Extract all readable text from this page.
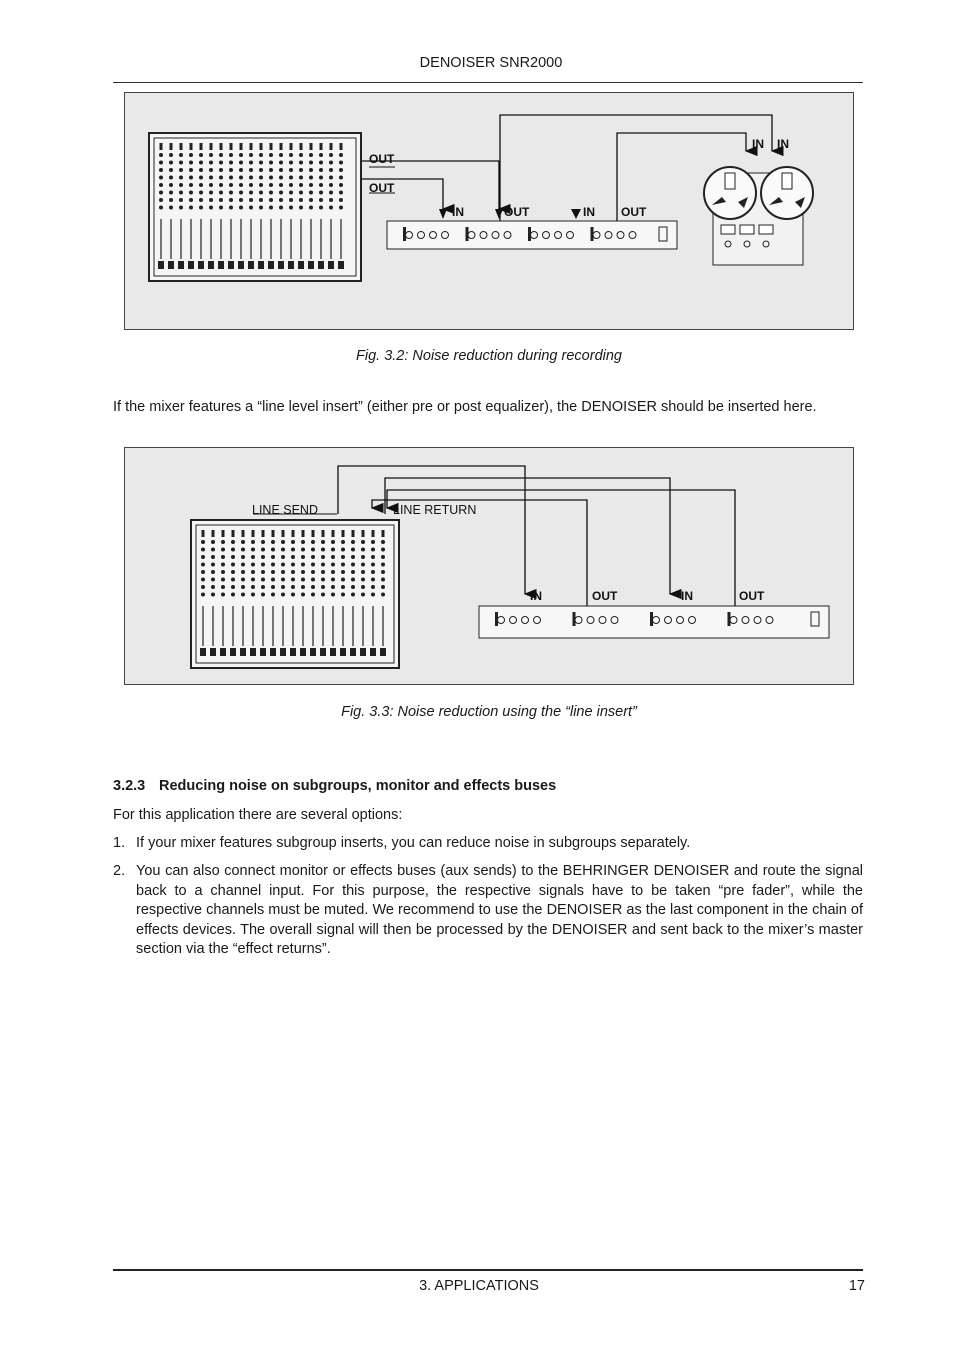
DENOISER SNR2000
OUT
OUT
IN	OUT	IN OUT
IN IN
Fig. 3.2: Noise reduction during recording
If the mixer features a “line level insert” (either pre or post equalizer), the DENOISER should be inserted here.
LINE SEND	LINE RETURN
IN	OUT	IN	OUT
Fig. 3.3: Noise reduction using the “line insert”
3.2.3 Reducing noise on subgroups, monitor and effects buses
For this application there are several options:
1. If your mixer features subgroup inserts, you can reduce noise in subgroups separately.
2. You can also connect monitor or effects buses (aux sends) to the BEHRINGER DENOISER and route the signal back to a channel input. For this purpose, the respective signals have to be taken “pre fader”, while the respective channels must be muted. We recommend to use the DENOISER as the last component in the chain of effects devices. The overall signal will then be processed by the DENOISER and sent back to the mixer’s master section via the “effect returns”.
3. APPLICATIONS	17
